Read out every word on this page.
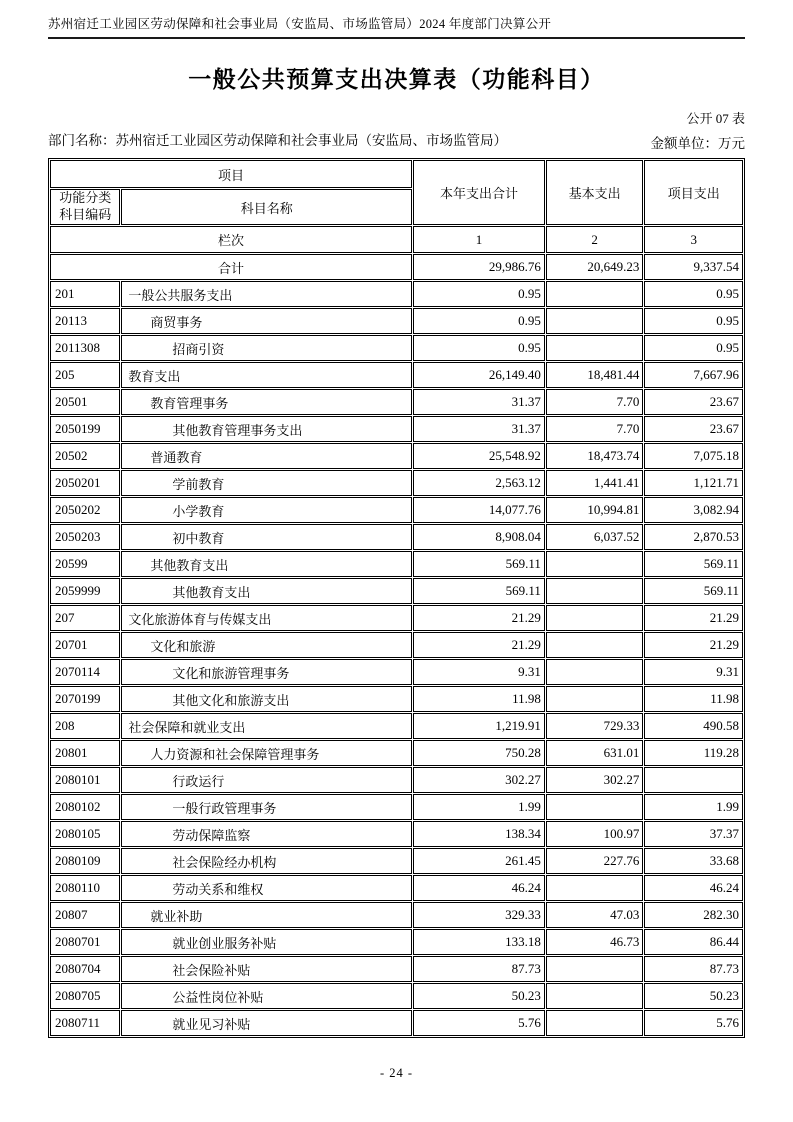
苏州宿迁工业园区劳动保障和社会事业局（安监局、市场监管局）2024 年度部门决算公开
一般公共预算支出决算表（功能科目）
公开 07 表
部门名称：苏州宿迁工业园区劳动保障和社会事业局（安监局、市场监管局）	金额单位：万元
项目		本年支出合计	基本支出	项目支出
功能分类科目编码	科目名称			
栏次		1	2	3
合计		29,986.76	20,649.23	9,337.54
201	一般公共服务支出	0.95		0.95
20113	商贸事务	0.95		0.95
2011308	招商引资	0.95		0.95
205	教育支出	26,149.40	18,481.44	7,667.96
20501	教育管理事务	31.37	7.70	23.67
2050199	其他教育管理事务支出	31.37	7.70	23.67
20502	普通教育	25,548.92	18,473.74	7,075.18
2050201	学前教育	2,563.12	1,441.41	1,121.71
2050202	小学教育	14,077.76	10,994.81	3,082.94
2050203	初中教育	8,908.04	6,037.52	2,870.53
20599	其他教育支出	569.11		569.11
2059999	其他教育支出	569.11		569.11
207	文化旅游体育与传媒支出	21.29		21.29
20701	文化和旅游	21.29		21.29
2070114	文化和旅游管理事务	9.31		9.31
2070199	其他文化和旅游支出	11.98		11.98
208	社会保障和就业支出	1,219.91	729.33	490.58
20801	人力资源和社会保障管理事务	750.28	631.01	119.28
2080101	行政运行	302.27	302.27	
2080102	一般行政管理事务	1.99		1.99
2080105	劳动保障监察	138.34	100.97	37.37
2080109	社会保险经办机构	261.45	227.76	33.68
2080110	劳动关系和维权	46.24		46.24
20807	就业补助	329.33	47.03	282.30
2080701	就业创业服务补贴	133.18	46.73	86.44
2080704	社会保险补贴	87.73		87.73
2080705	公益性岗位补贴	50.23		50.23
2080711	就业见习补贴	5.76		5.76
- 24 -
